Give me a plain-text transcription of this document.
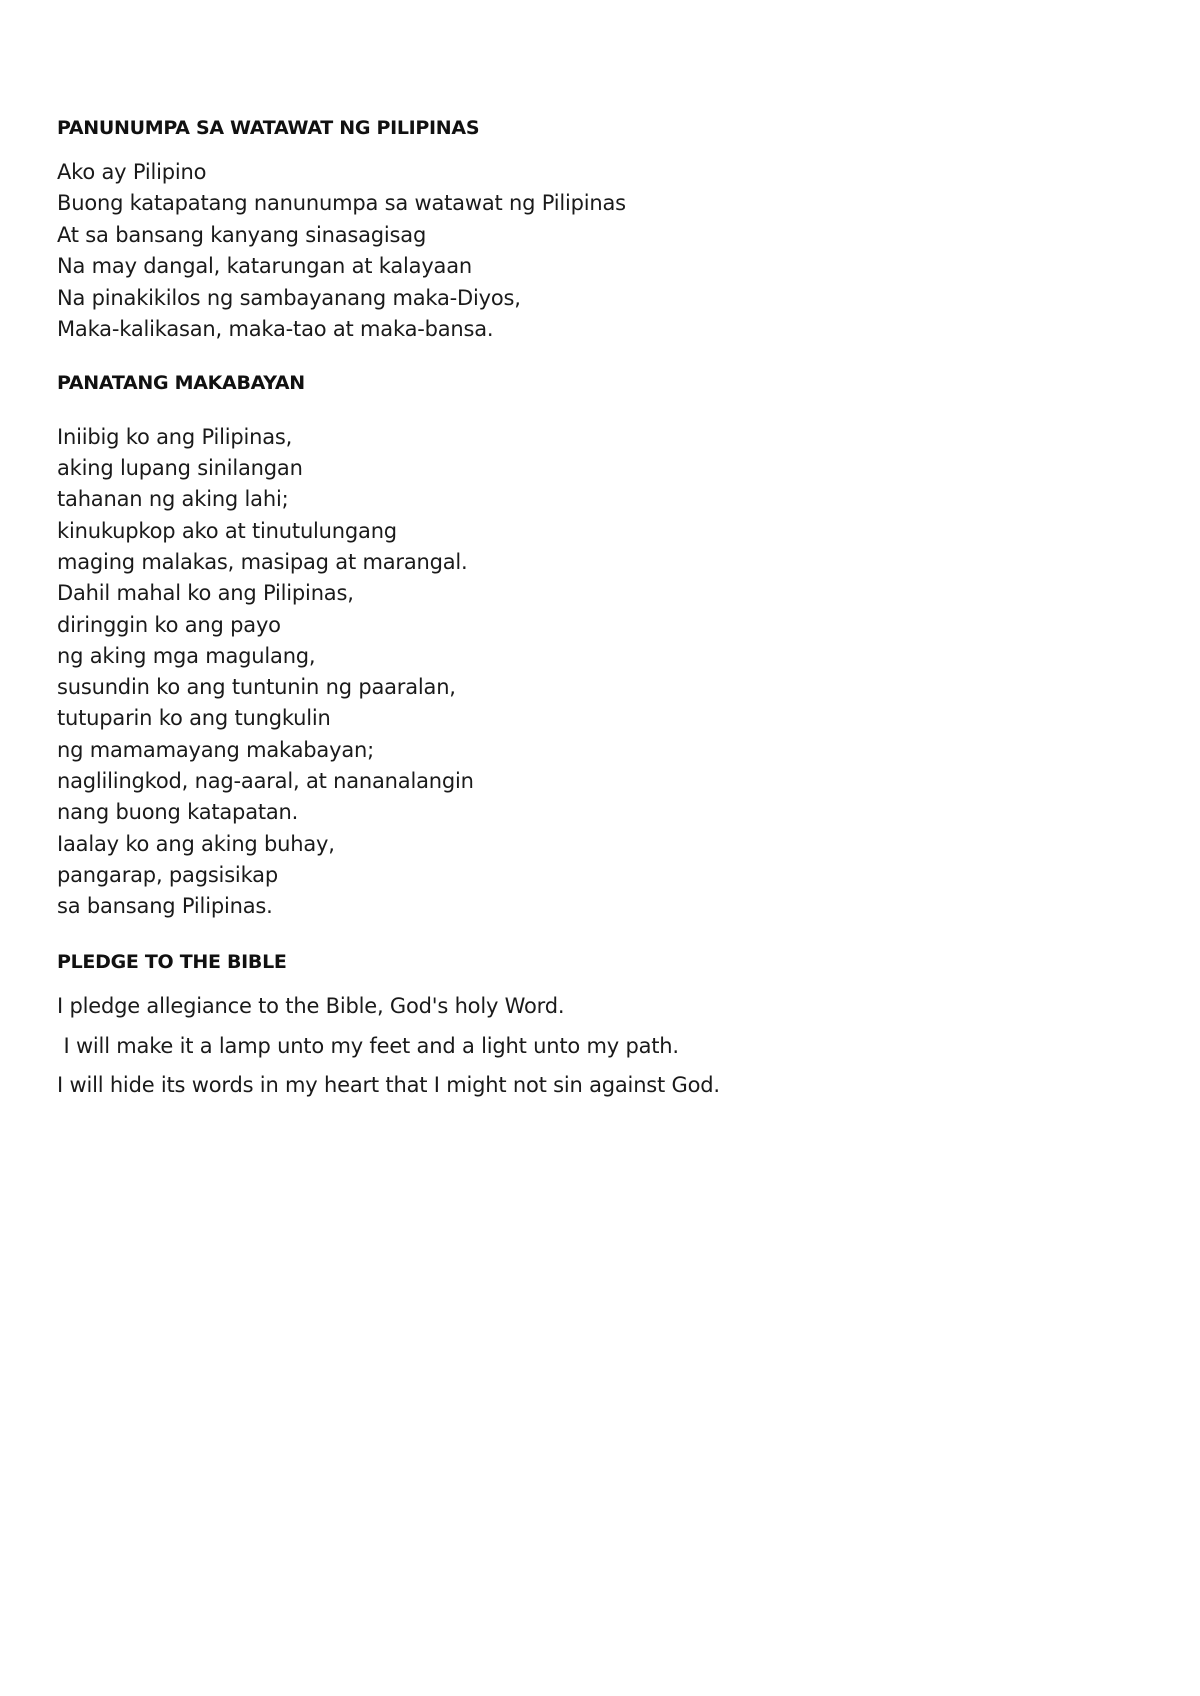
PANUNUMPA SA WATAWAT NG PILIPINAS
Ako ay Pilipino
Buong katapatang nanunumpa sa watawat ng Pilipinas
At sa bansang kanyang sinasagisag
Na may dangal, katarungan at kalayaan
Na pinakikilos ng sambayanang maka-Diyos,
Maka-kalikasan, maka-tao at maka-bansa.
PANATANG MAKABAYAN
Iniibig ko ang Pilipinas,
aking lupang sinilangan
tahanan ng aking lahi;
kinukupkop ako at tinutulungang
maging malakas, masipag at marangal.
Dahil mahal ko ang Pilipinas,
diringgin ko ang payo
ng aking mga magulang,
susundin ko ang tuntunin ng paaralan,
tutuparin ko ang tungkulin
ng mamamayang makabayan;
naglilingkod, nag-aaral, at nananalangin
nang buong katapatan.
Iaalay ko ang aking buhay,
pangarap, pagsisikap
sa bansang Pilipinas.
PLEDGE TO THE BIBLE
I pledge allegiance to the Bible, God's holy Word.
I will make it a lamp unto my feet and a light unto my path.
I will hide its words in my heart that I might not sin against God.
